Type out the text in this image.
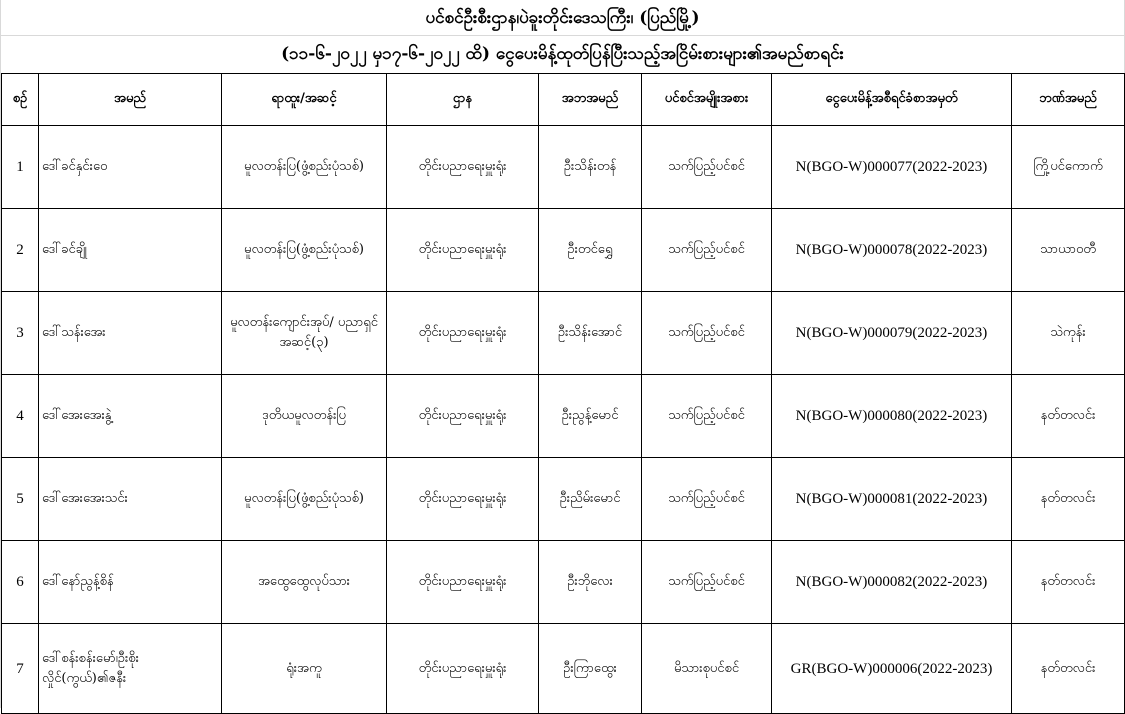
ပင်စင်ဦးစီးဌာန၊ပဲခူးတိုင်းဒေသကြီး၊ (ပြည်မြို့)
(၁၁-၆-၂၀၂၂ မှ၁၇-၆-၂၀၂၂ ထိ) ငွေပေးမိန့်ထုတ်ပြန်ပြီးသည့်အငြိမ်းစားများ၏အမည်စာရင်း
စဉ်	အမည်	ရာထူး/အဆင့်	ဌာန	အဘအမည်	ပင်စင်အမျိုးအစား	ငွေပေးမိန့်အစီရင်ခံစာအမှတ်	ဘဏ်အမည်
1	ဒေါ်ခင်နှင်းဝေ	မူလတန်းပြ(ဖွံ့စည်းပုံသစ်)	တိုင်းပညာရေးမှူးရုံး	ဦးသိန်းတန်	သက်ပြည့်ပင်စင်	N(BGO-W)000077(2022-2023)	ကြို့ပင်ကောက်
2	ဒေါ်ခင်ချို	မူလတန်းပြ(ဖွံ့စည်းပုံသစ်)	တိုင်းပညာရေးမှူးရုံး	ဦးတင်ရွှေ	သက်ပြည့်ပင်စင်	N(BGO-W)000078(2022-2023)	သာယာဝတီ
3	ဒေါ်သန်းအေး	မူလတန်းကျောင်းအုပ်/ ပညာရှင်အဆင့်(၃)	တိုင်းပညာရေးမှူးရုံး	ဦးသိန်းအောင်	သက်ပြည့်ပင်စင်	N(BGO-W)000079(2022-2023)	သဲကုန်း
4	ဒေါ်အေးအေးနွဲ့	ဒုတိယမူလတန်းပြ	တိုင်းပညာရေးမှူးရုံး	ဦးညွန့်မောင်	သက်ပြည့်ပင်စင်	N(BGO-W)000080(2022-2023)	နတ်တလင်း
5	ဒေါ်အေးအေးသင်း	မူလတန်းပြ(ဖွံ့စည်းပုံသစ်)	တိုင်းပညာရေးမှူးရုံး	ဦးညိမ်းမောင်	သက်ပြည့်ပင်စင်	N(BGO-W)000081(2022-2023)	နတ်တလင်း
6	ဒေါ်နော်ညွန့်စိန်	အထွေထွေလုပ်သား	တိုင်းပညာရေးမှူးရုံး	ဦးဘိုလေး	သက်ပြည့်ပင်စင်	N(BGO-W)000082(2022-2023)	နတ်တလင်း
7	ဒေါ်စန်းစန်းမော်၊ဦးစိုးလှိုင်(ကွယ်)၏ဇနီး	ရုံးအကူ	တိုင်းပညာရေးမှူးရုံး	ဦးကြာထွေး	မိသားစုပင်စင်	GR(BGO-W)000006(2022-2023)	နတ်တလင်း
